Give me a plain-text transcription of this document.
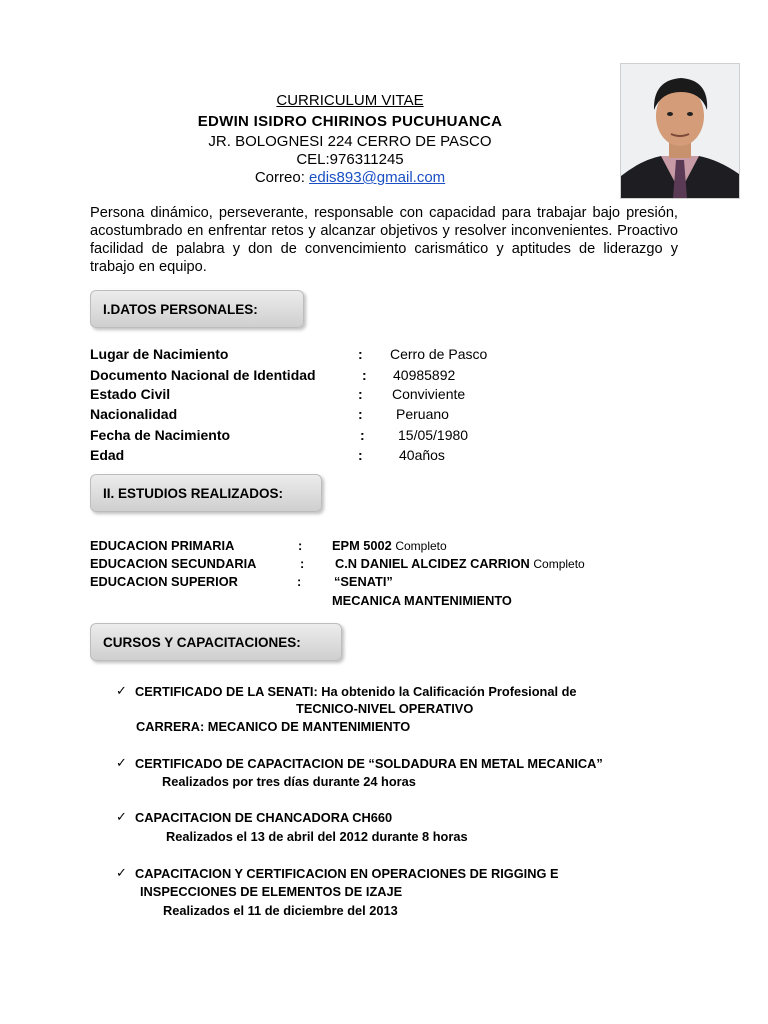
CURRICULUM VITAE
EDWIN ISIDRO CHIRINOS PUCUHUANCA
JR. BOLOGNESI 224 CERRO DE PASCO
CEL:976311245
Correo: edis893@gmail.com
Persona dinámico, perseverante, responsable con capacidad para trabajar bajo presión, acostumbrado en enfrentar retos y alcanzar objetivos y resolver inconvenientes. Proactivo facilidad de palabra y don de convencimiento carismático y aptitudes de liderazgo y trabajo en equipo.
I.DATOS PERSONALES:
Lugar de Nacimiento	: Cerro de Pasco
Documento Nacional de Identidad	: 40985892
Estado Civil	: Conviviente
Nacionalidad	: Peruano
Fecha de Nacimiento	: 15/05/1980
Edad	:	40años
II. ESTUDIOS REALIZADOS:
EDUCACION PRIMARIA	: EPM 5002 Completo
EDUCACION SECUNDARIA	: C.N DANIEL ALCIDEZ CARRION Completo
EDUCACION SUPERIOR	:	“SENATI”
MECANICA MANTENIMIENTO
CURSOS Y CAPACITACIONES:
✓ CERTIFICADO DE LA SENATI: Ha obtenido la Calificación Profesional de
TECNICO-NIVEL OPERATIVO
CARRERA: MECANICO DE MANTENIMIENTO
✓ CERTIFICADO DE CAPACITACION DE “SOLDADURA EN METAL MECANICA”
Realizados por tres días durante 24 horas
✓ CAPACITACION DE CHANCADORA CH660
Realizados el 13 de abril del 2012 durante 8 horas
✓ CAPACITACION Y CERTIFICACION EN OPERACIONES DE RIGGING E
INSPECCIONES DE ELEMENTOS DE IZAJE
Realizados el 11 de diciembre del 2013
